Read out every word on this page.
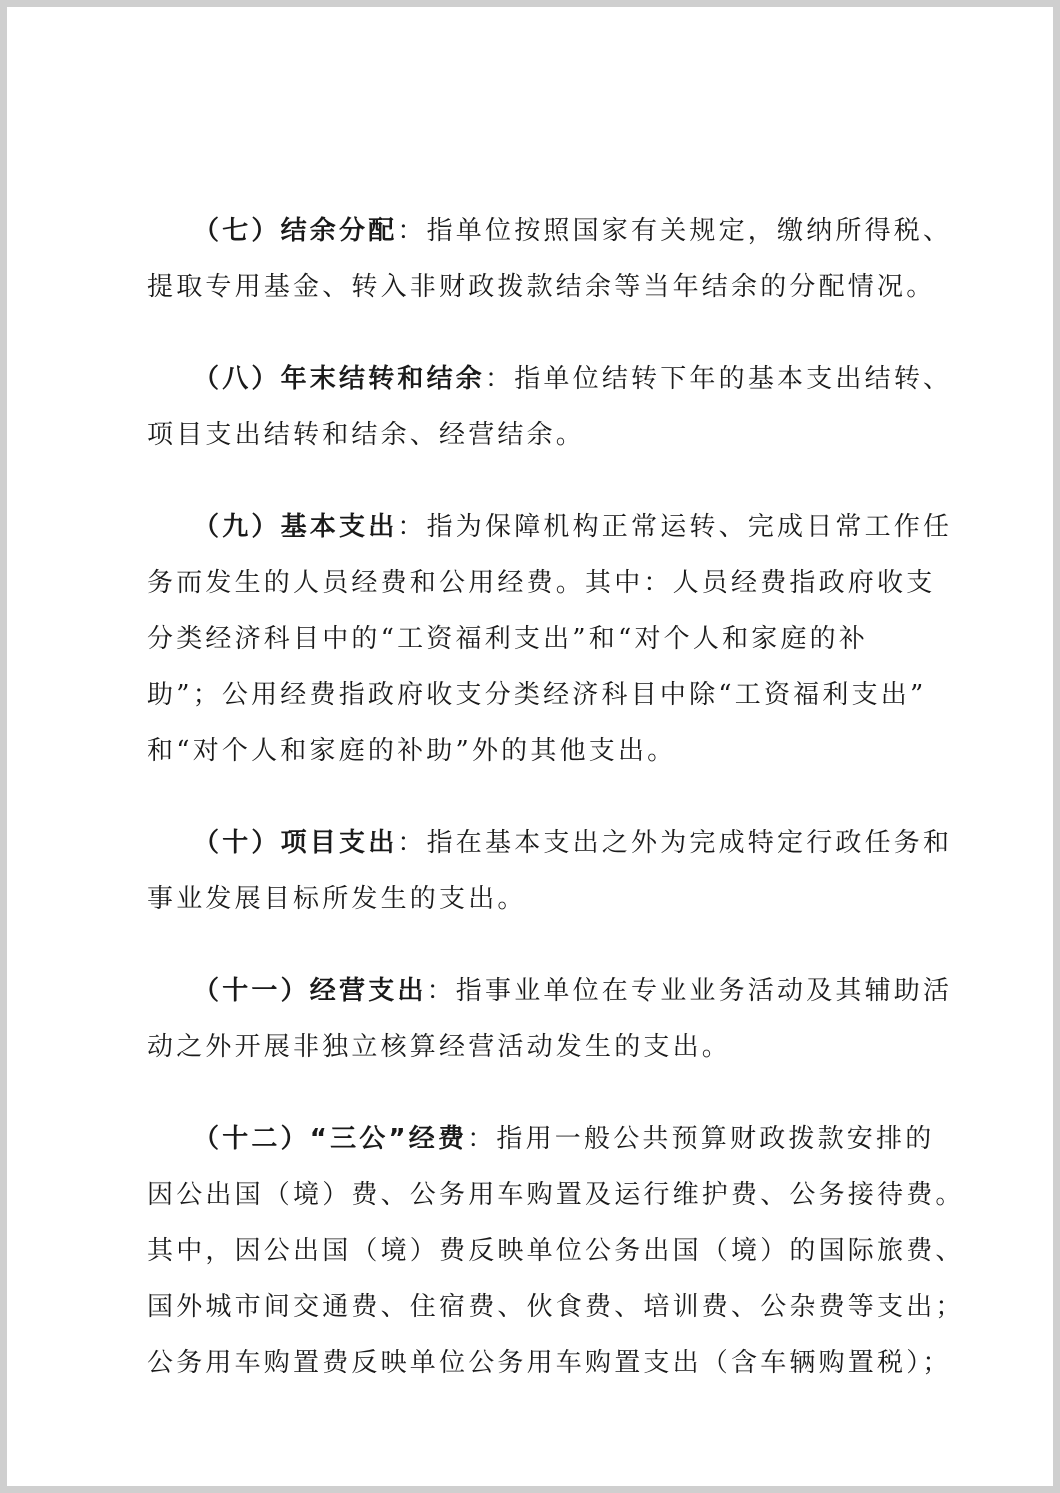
（七）结余分配：指单位按照国家有关规定，缴纳所得税、
提取专用基金、转入非财政拨款结余等当年结余的分配情况。
（八）年末结转和结余：指单位结转下年的基本支出结转、
项目支出结转和结余、经营结余。
（九）基本支出：指为保障机构正常运转、完成日常工作任
务而发生的人员经费和公用经费。其中：人员经费指政府收支
分类经济科目中的“工资福利支出”和“对个人和家庭的补
助”；公用经费指政府收支分类经济科目中除“工资福利支出”
和“对个人和家庭的补助”外的其他支出。
（十）项目支出：指在基本支出之外为完成特定行政任务和
事业发展目标所发生的支出。
（十一）经营支出：指事业单位在专业业务活动及其辅助活
动之外开展非独立核算经营活动发生的支出。
（十二）“三公”经费：指用一般公共预算财政拨款安排的
因公出国（境）费、公务用车购置及运行维护费、公务接待费。
其中，因公出国（境）费反映单位公务出国（境）的国际旅费、
国外城市间交通费、住宿费、伙食费、培训费、公杂费等支出；
公务用车购置费反映单位公务用车购置支出（含车辆购置税）；
